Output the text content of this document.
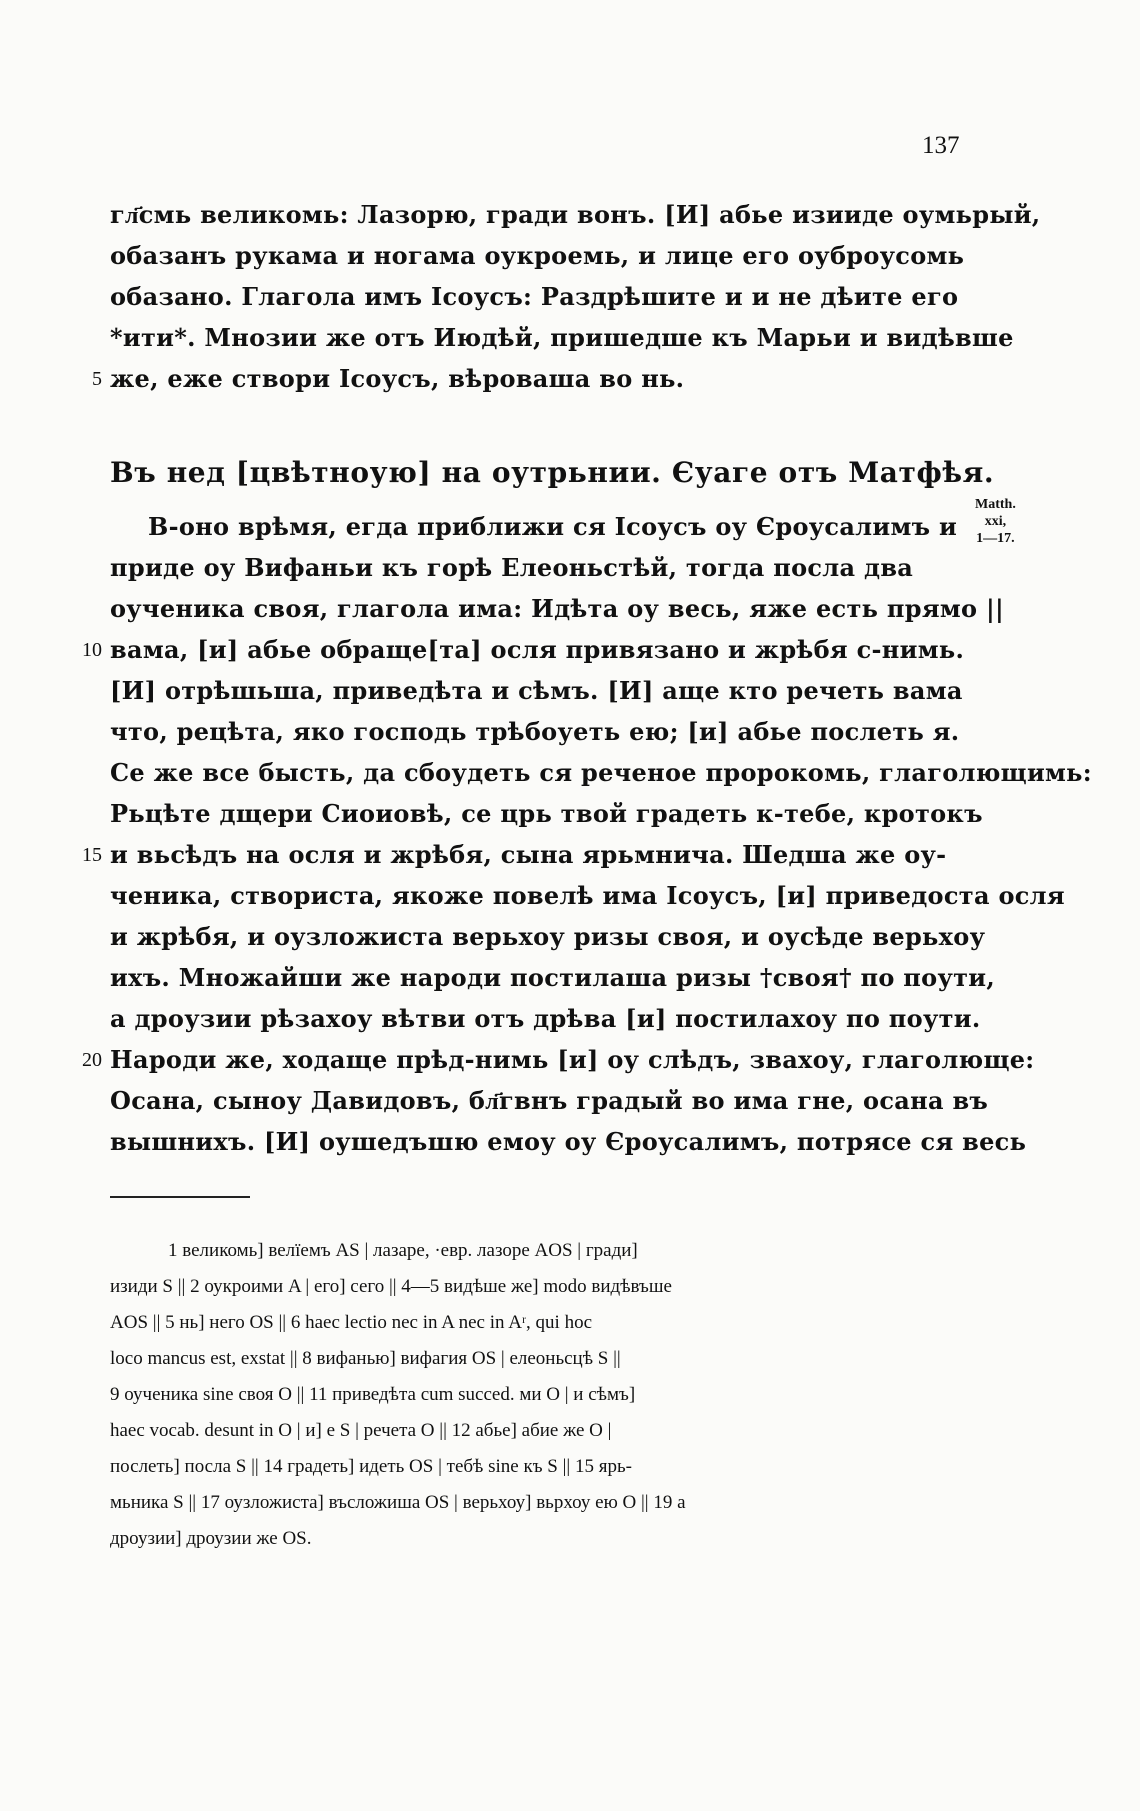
137
гл҃смь великомь: Лазорю, гради вонъ. [И] абье изииде оумьрый,
обазанъ рукама и ногама оукроемь, и лице его оуброусомь
обазано. Глагола имъ Ісоусъ: Раздрѣшите и и не дѣите его
*ити*. Мнозии же отъ Июдѣй, пришедше къ Марьи и видѣвше
5 же, еже створи Ісоусъ, вѣроваша во нь.
Въ нед [цвѣтноую] на оутрьнии. Єуаге отъ Матфѣя.
Matth.
xxi,
1—17.
В-оно врѣмя, егда приближи ся Ісоусъ оу Єроусалимъ и
приде оу Вифаньи къ горѣ Елеоньстѣй, тогда посла два
оученика своя, глагола има: Идѣта оу весь, яже есть прямо ||
10 вама, [и] абье обраще[та] осля привязано и жрѣбя с-нимь.
[И] отрѣшьша, приведѣта и сѣмъ. [И] аще кто речеть вама
что, рецѣта, яко господь трѣбоуеть ею; [и] абье послеть я.
Се же все бысть, да сбоудеть ся реченое пророкомь, глаголющимь:
Рьцѣте дщери Сиоиовѣ, се црь твой градеть к-тебе, кротокъ
15 и вьсѣдъ на осля и жрѣбя, сына ярьмнича. Шедша же оу-
ченика, створиста, якоже повелѣ има Ісоусъ, [и] приведоста осля
и жрѣбя, и оузложиста верьхоу ризы своя, и оусѣде верьхоу
ихъ. Множайши же народи постилаша ризы †своя† по поути,
а дроузии рѣзахоу вѣтви отъ дрѣва [и] постилахоу по поути.
20 Народи же, ходаще прѣд-нимь [и] оу слѣдъ, звахоу, глаголюще:
Осана, сыноу Давидовъ, бл҃гвнъ градый во има гне, осана въ
вышнихъ. [И] оушедъшю емоу оу Єроусалимъ, потрясе ся весь
1 великомь] велїемъ AS | лазаре, ·евр. лазоре AOS | гради]
изиди S || 2 оукроими A | его] сего || 4—5 видѣше же] modo видѣвъше
AOS || 5 нь] него OS || 6 haec lectio nec in A nec in Aʳ, qui hoc
loco mancus est, exstat || 8 вифанью] вифагия OS | елеоньсцѣ S ||
9 оученика sine своя O || 11 приведѣта cum succed. ми O | и сѣмъ]
haec vocab. desunt in O | и] е S | речета O || 12 абье] абие же O |
послеть] посла S || 14 градеть] идеть OS | тебѣ sine къ S || 15 ярь-
мьника S || 17 оузложиста] въсложиша OS | верьхоу] вьрхоу ею O || 19 а
дроузии] дроузии же OS.
